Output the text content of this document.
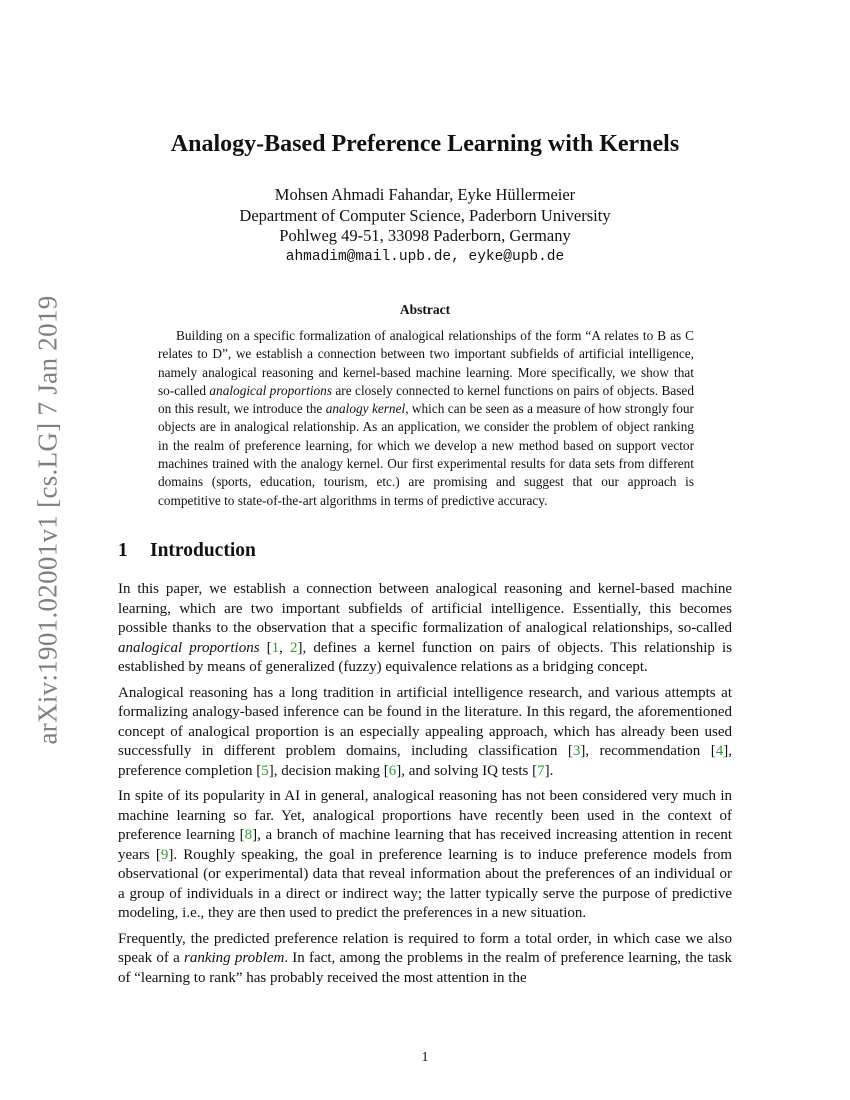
arXiv:1901.02001v1 [cs.LG] 7 Jan 2019
Analogy-Based Preference Learning with Kernels
Mohsen Ahmadi Fahandar, Eyke Hüllermeier
Department of Computer Science, Paderborn University
Pohlweg 49-51, 33098 Paderborn, Germany
ahmadim@mail.upb.de, eyke@upb.de
Abstract

Building on a specific formalization of analogical relationships of the form “A relates to B as C relates to D”, we establish a connection between two important subfields of artificial intelligence, namely analogical reasoning and kernel-based machine learning. More specifically, we show that so-called analogical proportions are closely connected to kernel functions on pairs of objects. Based on this result, we introduce the analogy kernel, which can be seen as a measure of how strongly four objects are in analogical relationship. As an application, we consider the problem of object ranking in the realm of preference learning, for which we develop a new method based on support vector machines trained with the analogy kernel. Our first experimental results for data sets from different domains (sports, education, tourism, etc.) are promising and suggest that our approach is competitive to state-of-the-art algorithms in terms of predictive accuracy.

1 Introduction

In this paper, we establish a connection between analogical reasoning and kernel-based machine learning, which are two important subfields of artificial intelligence. Essentially, this becomes possible thanks to the observation that a specific formalization of analogical relationships, so-called analogical proportions [1, 2], defines a kernel function on pairs of objects. This relationship is established by means of generalized (fuzzy) equivalence relations as a bridging concept.

Analogical reasoning has a long tradition in artificial intelligence research, and various attempts at formalizing analogy-based inference can be found in the literature. In this regard, the aforementioned concept of analogical proportion is an especially appealing approach, which has already been used successfully in different problem domains, including classification [3], recommendation [4], preference completion [5], decision making [6], and solving IQ tests [7].

In spite of its popularity in AI in general, analogical reasoning has not been considered very much in machine learning so far. Yet, analogical proportions have recently been used in the context of preference learning [8], a branch of machine learning that has received increasing attention in recent years [9]. Roughly speaking, the goal in preference learning is to induce preference models from observational (or experimental) data that reveal information about the preferences of an individual or a group of individuals in a direct or indirect way; the latter typically serve the purpose of predictive modeling, i.e., they are then used to predict the preferences in a new situation.

Frequently, the predicted preference relation is required to form a total order, in which case we also speak of a ranking problem. In fact, among the problems in the realm of preference learning, the task of “learning to rank” has probably received the most attention in the

1
